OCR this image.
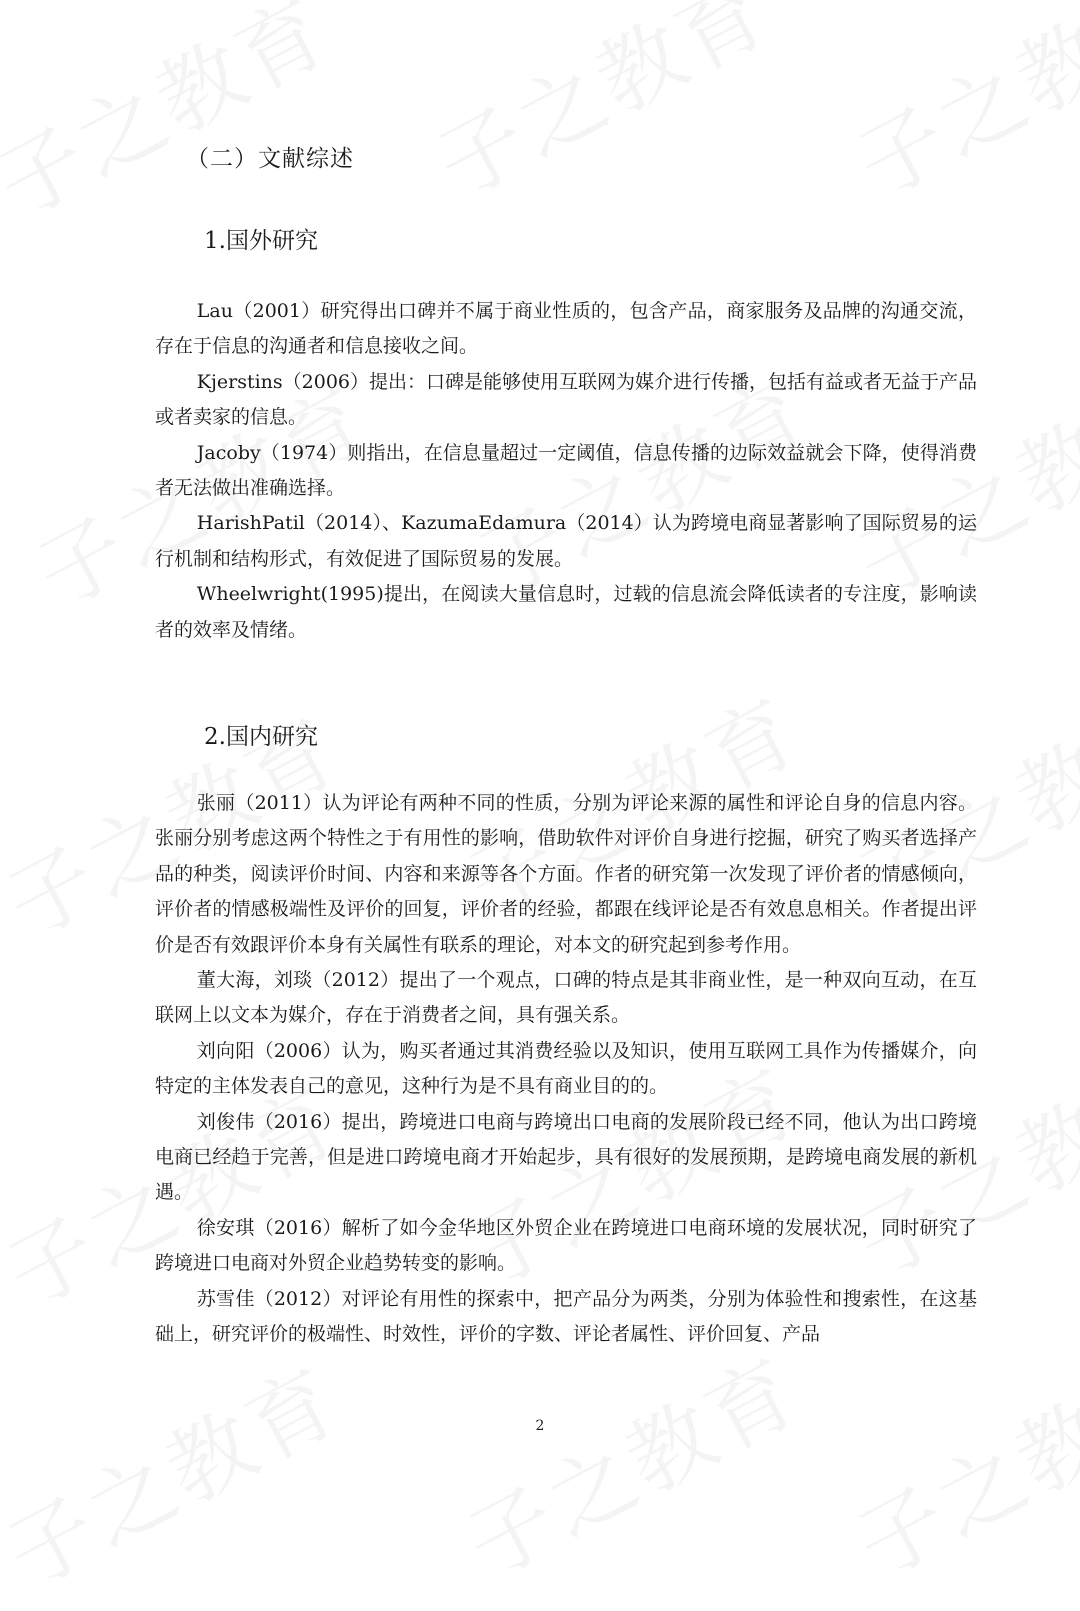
（二）文献综述
1.国外研究

Lau（2001）研究得出口碑并不属于商业性质的，包含产品，商家服务及品牌的沟通交流，存在于信息的沟通者和信息接收之间。

Kjerstins（2006）提出：口碑是能够使用互联网为媒介进行传播，包括有益或者无益于产品或者卖家的信息。

Jacoby（1974）则指出，在信息量超过一定阈值，信息传播的边际效益就会下降，使得消费者无法做出准确选择。

HarishPatil（2014）、KazumaEdamura（2014）认为跨境电商显著影响了国际贸易的运行机制和结构形式，有效促进了国际贸易的发展。

Wheelwright(1995)提出，在阅读大量信息时，过载的信息流会降低读者的专注度，影响读者的效率及情绪。

2.国内研究

张丽（2011）认为评论有两种不同的性质，分别为评论来源的属性和评论自身的信息内容。张丽分别考虑这两个特性之于有用性的影响，借助软件对评价自身进行挖掘，研究了购买者选择产品的种类，阅读评价时间、内容和来源等各个方面。作者的研究第一次发现了评价者的情感倾向，评价者的情感极端性及评价的回复，评价者的经验，都跟在线评论是否有效息息相关。作者提出评价是否有效跟评价本身有关属性有联系的理论，对本文的研究起到参考作用。

董大海，刘琰（2012）提出了一个观点，口碑的特点是其非商业性，是一种双向互动，在互联网上以文本为媒介，存在于消费者之间，具有强关系。

刘向阳（2006）认为，购买者通过其消费经验以及知识，使用互联网工具作为传播媒介，向特定的主体发表自己的意见，这种行为是不具有商业目的的。

刘俊伟（2016）提出，跨境进口电商与跨境出口电商的发展阶段已经不同，他认为出口跨境电商已经趋于完善，但是进口跨境电商才开始起步，具有很好的发展预期，是跨境电商发展的新机遇。

徐安琪（2016）解析了如今金华地区外贸企业在跨境进口电商环境的发展状况，同时研究了跨境进口电商对外贸企业趋势转变的影响。

苏雪佳（2012）对评论有用性的探索中，把产品分为两类，分别为体验性和搜索性，在这基础上，研究评价的极端性、时效性，评价的字数、评论者属性、评价回复、产品

2
